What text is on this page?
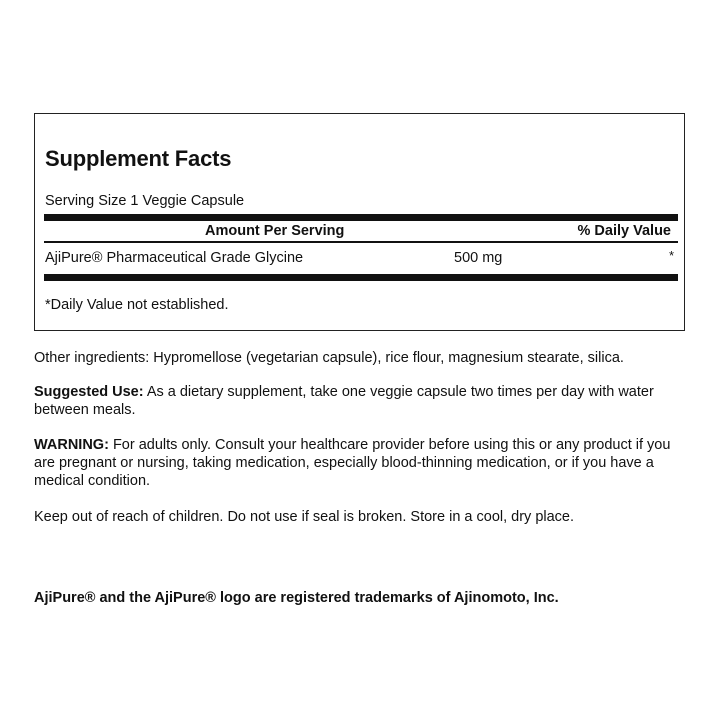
Supplement Facts
Serving Size 1 Veggie Capsule
Amount Per Serving	% Daily Value
AjiPure® Pharmaceutical Grade Glycine	500 mg	*
*Daily Value not established.
Other ingredients: Hypromellose (vegetarian capsule), rice flour, magnesium stearate, silica.
Suggested Use: As a dietary supplement, take one veggie capsule two times per day with water between meals.
WARNING: For adults only. Consult your healthcare provider before using this or any product if you are pregnant or nursing, taking medication, especially blood-thinning medication, or if you have a medical condition.
Keep out of reach of children. Do not use if seal is broken. Store in a cool, dry place.
AjiPure® and the AjiPure® logo are registered trademarks of Ajinomoto, Inc.
